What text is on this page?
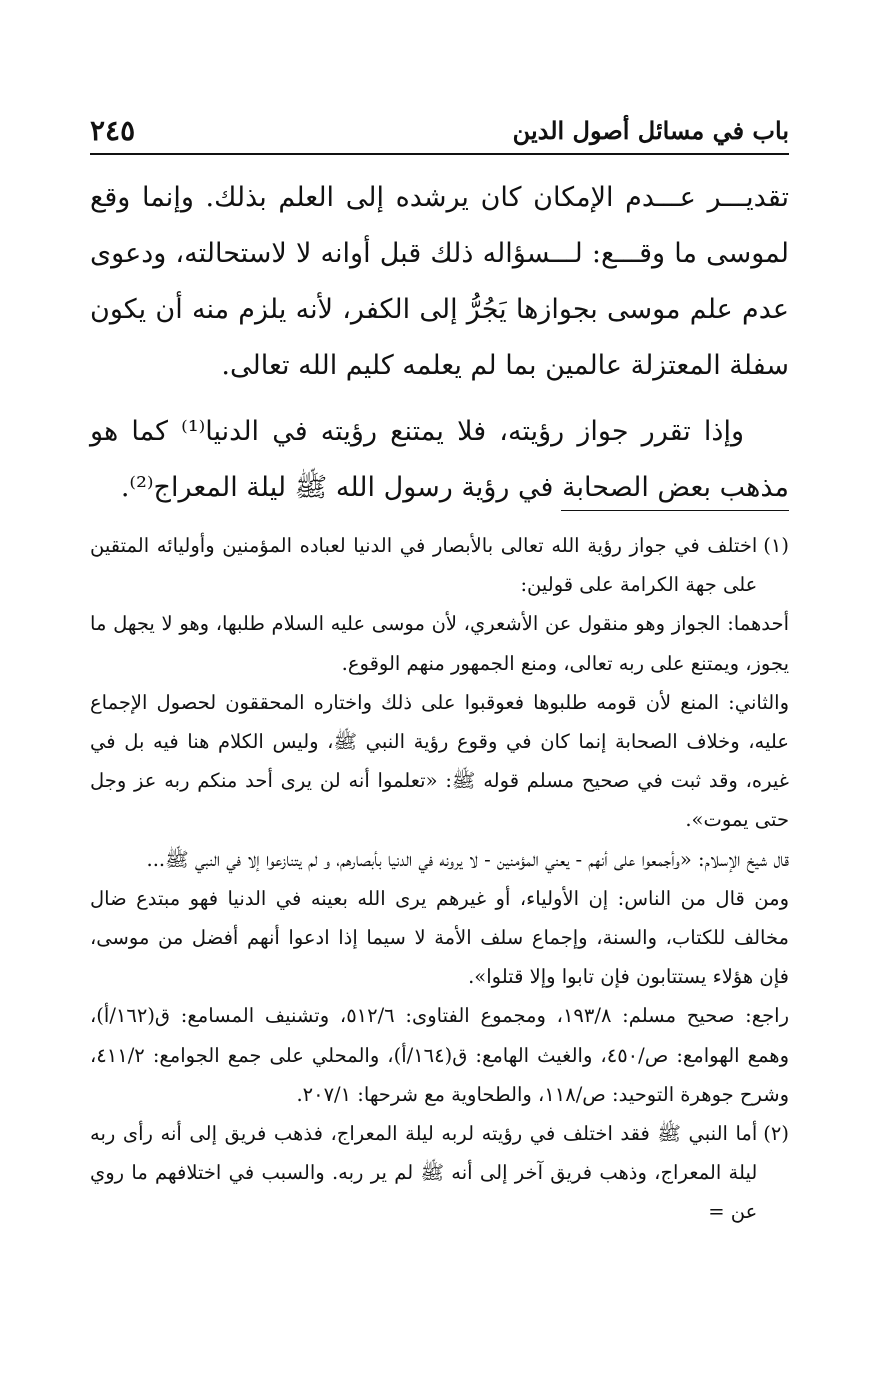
باب في مسائل أصول الدين
٢٤٥

تقديـــر عـــدم الإمكان كان يرشده إلى العلم بذلك. وإنما وقع لموسى ما وقـــع: لـــسؤاله ذلك قبل أوانه لا لاستحالته، ودعوى عدم علم موسى بجوازها يَجُرُّ إلى الكفر، لأنه يلزم منه أن يكون سفلة المعتزلة عالمين بما لم يعلمه كليم الله تعالى.

وإذا تقرر جواز رؤيته، فلا يمتنع رؤيته في الدنيا⁽¹⁾ كما هو مذهب بعض الصحابة في رؤية رسول الله ﷺ ليلة المعراج⁽²⁾.

(١)

اختلف في جواز رؤية الله تعالى بالأبصار في الدنيا لعباده المؤمنين وأوليائه المتقين على جهة الكرامة على قولين:

أحدهما: الجواز وهو منقول عن الأشعري، لأن موسى عليه السلام طلبها، وهو لا يجهل ما يجوز، ويمتنع على ربه تعالى، ومنع الجمهور منهم الوقوع.

والثاني: المنع لأن قومه طلبوها فعوقبوا على ذلك واختاره المحققون لحصول الإجماع عليه، وخلاف الصحابة إنما كان في وقوع رؤية النبي ﷺ، وليس الكلام هنا فيه بل في غيره، وقد ثبت في صحيح مسلم قوله ﷺ: «تعلموا أنه لن يرى أحد منكم ربه عز وجل حتى يموت».

قال شيخ الإسلام: «وأجمعوا على أنهم - يعني المؤمنين - لا يرونه في الدنيا بأبصارهم، و لم يتنازعوا إلا في النبي ﷺ...

ومن قال من الناس: إن الأولياء، أو غيرهم يرى الله بعينه في الدنيا فهو مبتدع ضال مخالف للكتاب، والسنة، وإجماع سلف الأمة لا سيما إذا ادعوا أنهم أفضل من موسى، فإن هؤلاء يستتابون فإن تابوا وإلا قتلوا».

راجع: صحيح مسلم: ١٩٣/٨، ومجموع الفتاوى: ٥١٢/٦، وتشنيف المسامع: ق(١٦٢/أ)، وهمع الهوامع: ص/٤٥٠، والغيث الهامع: ق(١٦٤/أ)، والمحلي على جمع الجوامع: ٤١١/٢، وشرح جوهرة التوحيد: ص/١١٨، والطحاوية مع شرحها: ٢٠٧/١.

(٢)

أما النبي ﷺ فقد اختلف في رؤيته لربه ليلة المعراج، فذهب فريق إلى أنه رأى ربه ليلة المعراج، وذهب فريق آخر إلى أنه ﷺ لم ير ربه. والسبب في اختلافهم ما روي عن =
